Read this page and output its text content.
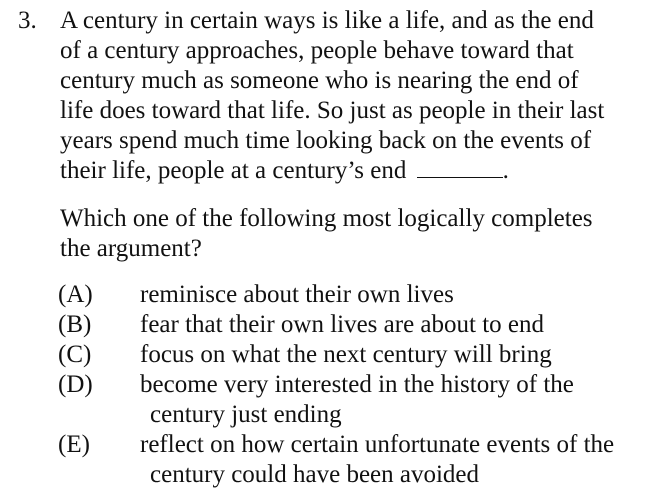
3. A century in certain ways is like a life, and as the end
of a century approaches, people behave toward that
century much as someone who is nearing the end of
life does toward that life. So just as people in their last
years spend much time looking back on the events of
their life, people at a century’s end	.
Which one of the following most logically completes
the argument?
(A) reminisce about their own lives
(B) fear that their own lives are about to end
(C) focus on what the next century will bring
(D) become very interested in the history of the
century just ending
(E) reflect on how certain unfortunate events of the
century could have been avoided
